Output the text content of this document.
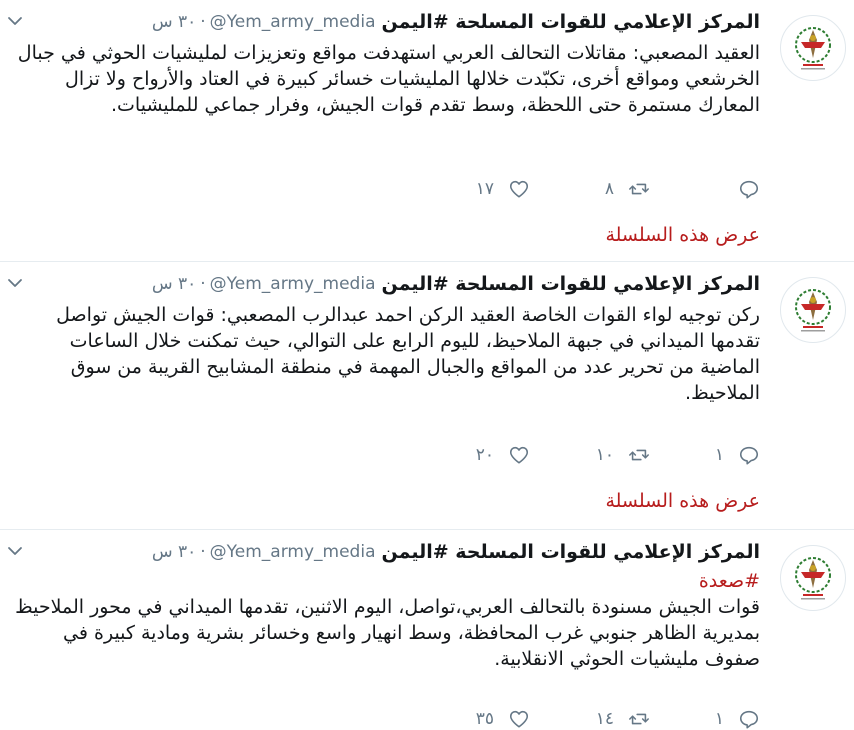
المركز الإعلامي للقوات المسلحة #اليمن
@Yem_army_media
·
٣٠ س
العقيد المصعبي: مقاتلات التحالف العربي استهدفت مواقع وتعزيزات لمليشيات الحوثي في جبال الخرشعي ومواقع أخرى، تكبّدت خلالها المليشيات خسائر كبيرة في العتاد والأرواح ولا تزال المعارك مستمرة حتى اللحظة، وسط تقدم قوات الجيش، وفرار جماعي للمليشيات.
٨
١٧
عرض هذه السلسلة
المركز الإعلامي للقوات المسلحة #اليمن
@Yem_army_media
·
٣٠ س
ركن توجيه لواء القوات الخاصة العقيد الركن احمد عبدالرب المصعبي: قوات الجيش تواصل تقدمها الميداني في جبهة الملاحيظ، لليوم الرابع على التوالي، حيث تمكنت خلال الساعات الماضية من تحرير عدد من المواقع والجبال المهمة في منطقة المشابيح القريبة من سوق الملاحيظ.
١
١٠
٢٠
عرض هذه السلسلة
المركز الإعلامي للقوات المسلحة #اليمن
@Yem_army_media
·
٣٠ س
#صعدة
قوات الجيش مسنودة بالتحالف العربي،تواصل، اليوم الاثنين، تقدمها الميداني في محور الملاحيظ بمديرية الظاهر جنوبي غرب المحافظة، وسط انهيار واسع وخسائر بشرية ومادية كبيرة في صفوف مليشيات الحوثي الانقلابية.
١
١٤
٣٥
